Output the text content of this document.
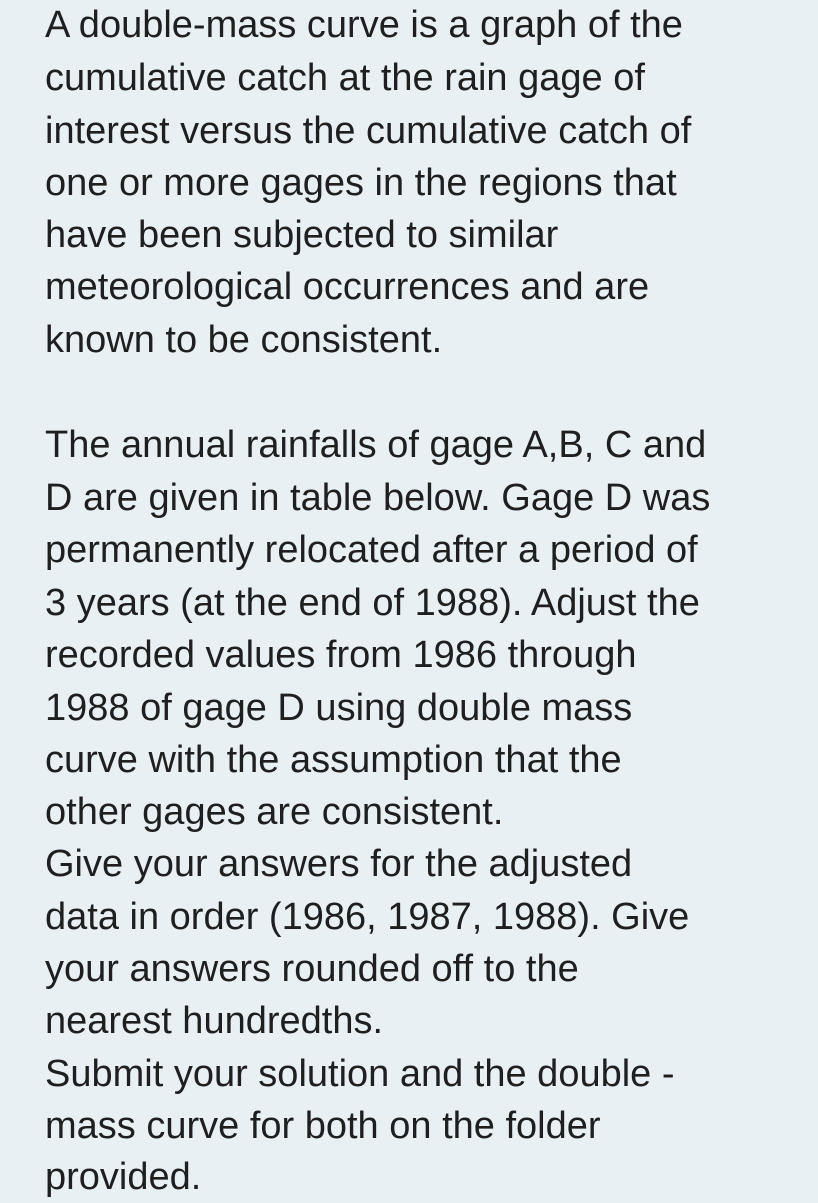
A double-mass curve is a graph of the
cumulative catch at the rain gage of
interest versus the cumulative catch of
one or more gages in the regions that
have been subjected to similar
meteorological occurrences and are
known to be consistent.
The annual rainfalls of gage A,B, C and
D are given in table below. Gage D was
permanently relocated after a period of
3 years (at the end of 1988). Adjust the
recorded values from 1986 through
1988 of gage D using double mass
curve with the assumption that the
other gages are consistent.
Give your answers for the adjusted
data in order (1986, 1987, 1988). Give
your answers rounded off to the
nearest hundredths.
Submit your solution and the double -
mass curve for both on the folder
provided.
